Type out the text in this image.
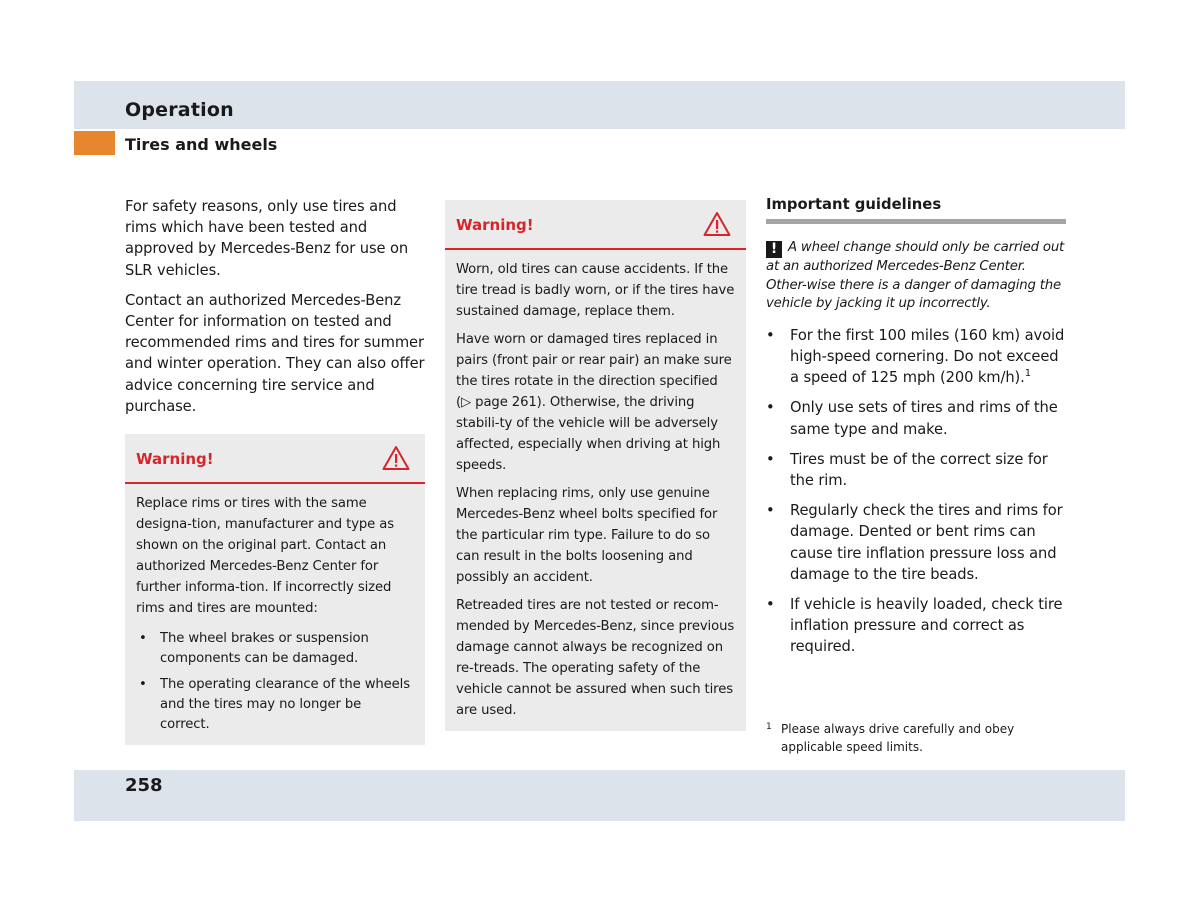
Operation
Tires and wheels

For safety reasons, only use tires and rims which have been tested and approved by Mercedes-Benz for use on SLR vehicles.

Contact an authorized Mercedes-Benz Center for information on tested and recommended rims and tires for summer and winter operation. They can also offer advice concerning tire service and purchase.

Warning!

Replace rims or tires with the same designa-tion, manufacturer and type as shown on the original part. Contact an authorized Mercedes-Benz Center for further informa-tion. If incorrectly sized rims and tires are mounted:

• The wheel brakes or suspension components can be damaged.
• The operating clearance of the wheels and the tires may no longer be correct.
Warning!

Worn, old tires can cause accidents. If the tire tread is badly worn, or if the tires have sustained damage, replace them.

Have worn or damaged tires replaced in pairs (front pair or rear pair) an make sure the tires rotate in the direction specified (▷ page 261). Otherwise, the driving stabili-ty of the vehicle will be adversely affected, especially when driving at high speeds.

When replacing rims, only use genuine Mercedes-Benz wheel bolts specified for the particular rim type. Failure to do so can result in the bolts loosening and possibly an accident.

Retreaded tires are not tested or recom-mended by Mercedes-Benz, since previous damage cannot always be recognized on re-treads. The operating safety of the vehicle cannot be assured when such tires are used.

Important guidelines

! A wheel change should only be carried out at an authorized Mercedes-Benz Center. Other-wise there is a danger of damaging the vehicle by jacking it up incorrectly.

• For the first 100 miles (160 km) avoid high-speed cornering. Do not exceed a speed of 125 mph (200 km/h).$^1$
• Only use sets of tires and rims of the same type and make.
• Tires must be of the correct size for the rim.
• Regularly check the tires and rims for damage. Dented or bent rims can cause tire inflation pressure loss and damage to the tire beads.
• If vehicle is heavily loaded, check tire inflation pressure and correct as required.
1 Please always drive carefully and obey applicable speed limits.
258
